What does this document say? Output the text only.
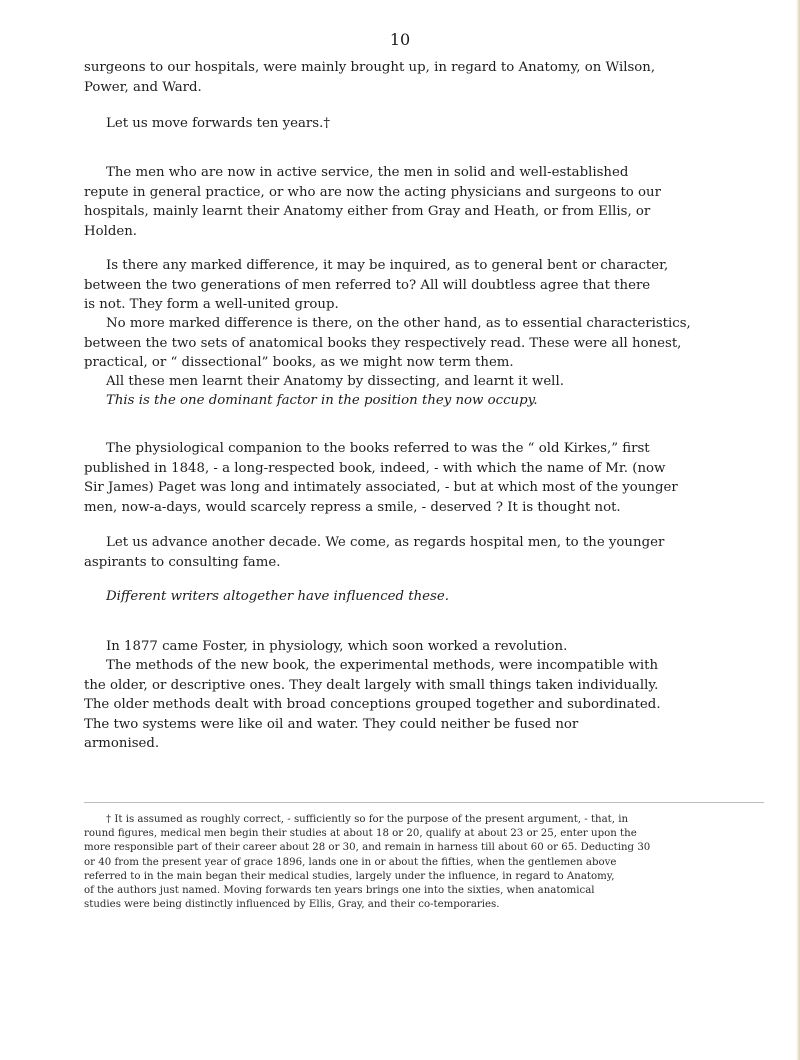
10
surgeons to our hospitals, were mainly brought up, in regard to Anatomy, on Wilson,
Power, and Ward.
Let us move forwards ten years.†
The men who are now in active service, the men in solid and well-established
repute in general practice, or who are now the acting physicians and surgeons to our
hospitals, mainly learnt their Anatomy either from Gray and Heath, or from Ellis, or
Holden.
Is there any marked difference, it may be inquired, as to general bent or character,
between the two generations of men referred to? All will doubtless agree that there
is not. They form a well-united group.
No more marked difference is there, on the other hand, as to essential characteristics,
between the two sets of anatomical books they respectively read. These were all honest,
practical, or “ dissectional” books, as we might now term them.
All these men learnt their Anatomy by dissecting, and learnt it well.
This is the one dominant factor in the position they now occupy.
The physiological companion to the books referred to was the “ old Kirkes,” first
published in 1848, - a long-respected book, indeed, - with which the name of Mr. (now
Sir James) Paget was long and intimately associated, - but at which most of the younger
men, now-a-days, would scarcely repress a smile, - deserved ? It is thought not.
Let us advance another decade. We come, as regards hospital men, to the younger
aspirants to consulting fame.
Different writers altogether have influenced these.
In 1877 came Foster, in physiology, which soon worked a revolution.
The methods of the new book, the experimental methods, were incompatible with
the older, or descriptive ones. They dealt largely with small things taken individually.
The older methods dealt with broad conceptions grouped together and subordinated.
The two systems were like oil and water. They could neither be fused nor
armonised.
† It is assumed as roughly correct, - sufficiently so for the purpose of the present argument, - that, in
round figures, medical men begin their studies at about 18 or 20, qualify at about 23 or 25, enter upon the
more responsible part of their career about 28 or 30, and remain in harness till about 60 or 65. Deducting 30
or 40 from the present year of grace 1896, lands one in or about the fifties, when the gentlemen above
referred to in the main began their medical studies, largely under the influence, in regard to Anatomy,
of the authors just named. Moving forwards ten years brings one into the sixties, when anatomical
studies were being distinctly influenced by Ellis, Gray, and their co-temporaries.
